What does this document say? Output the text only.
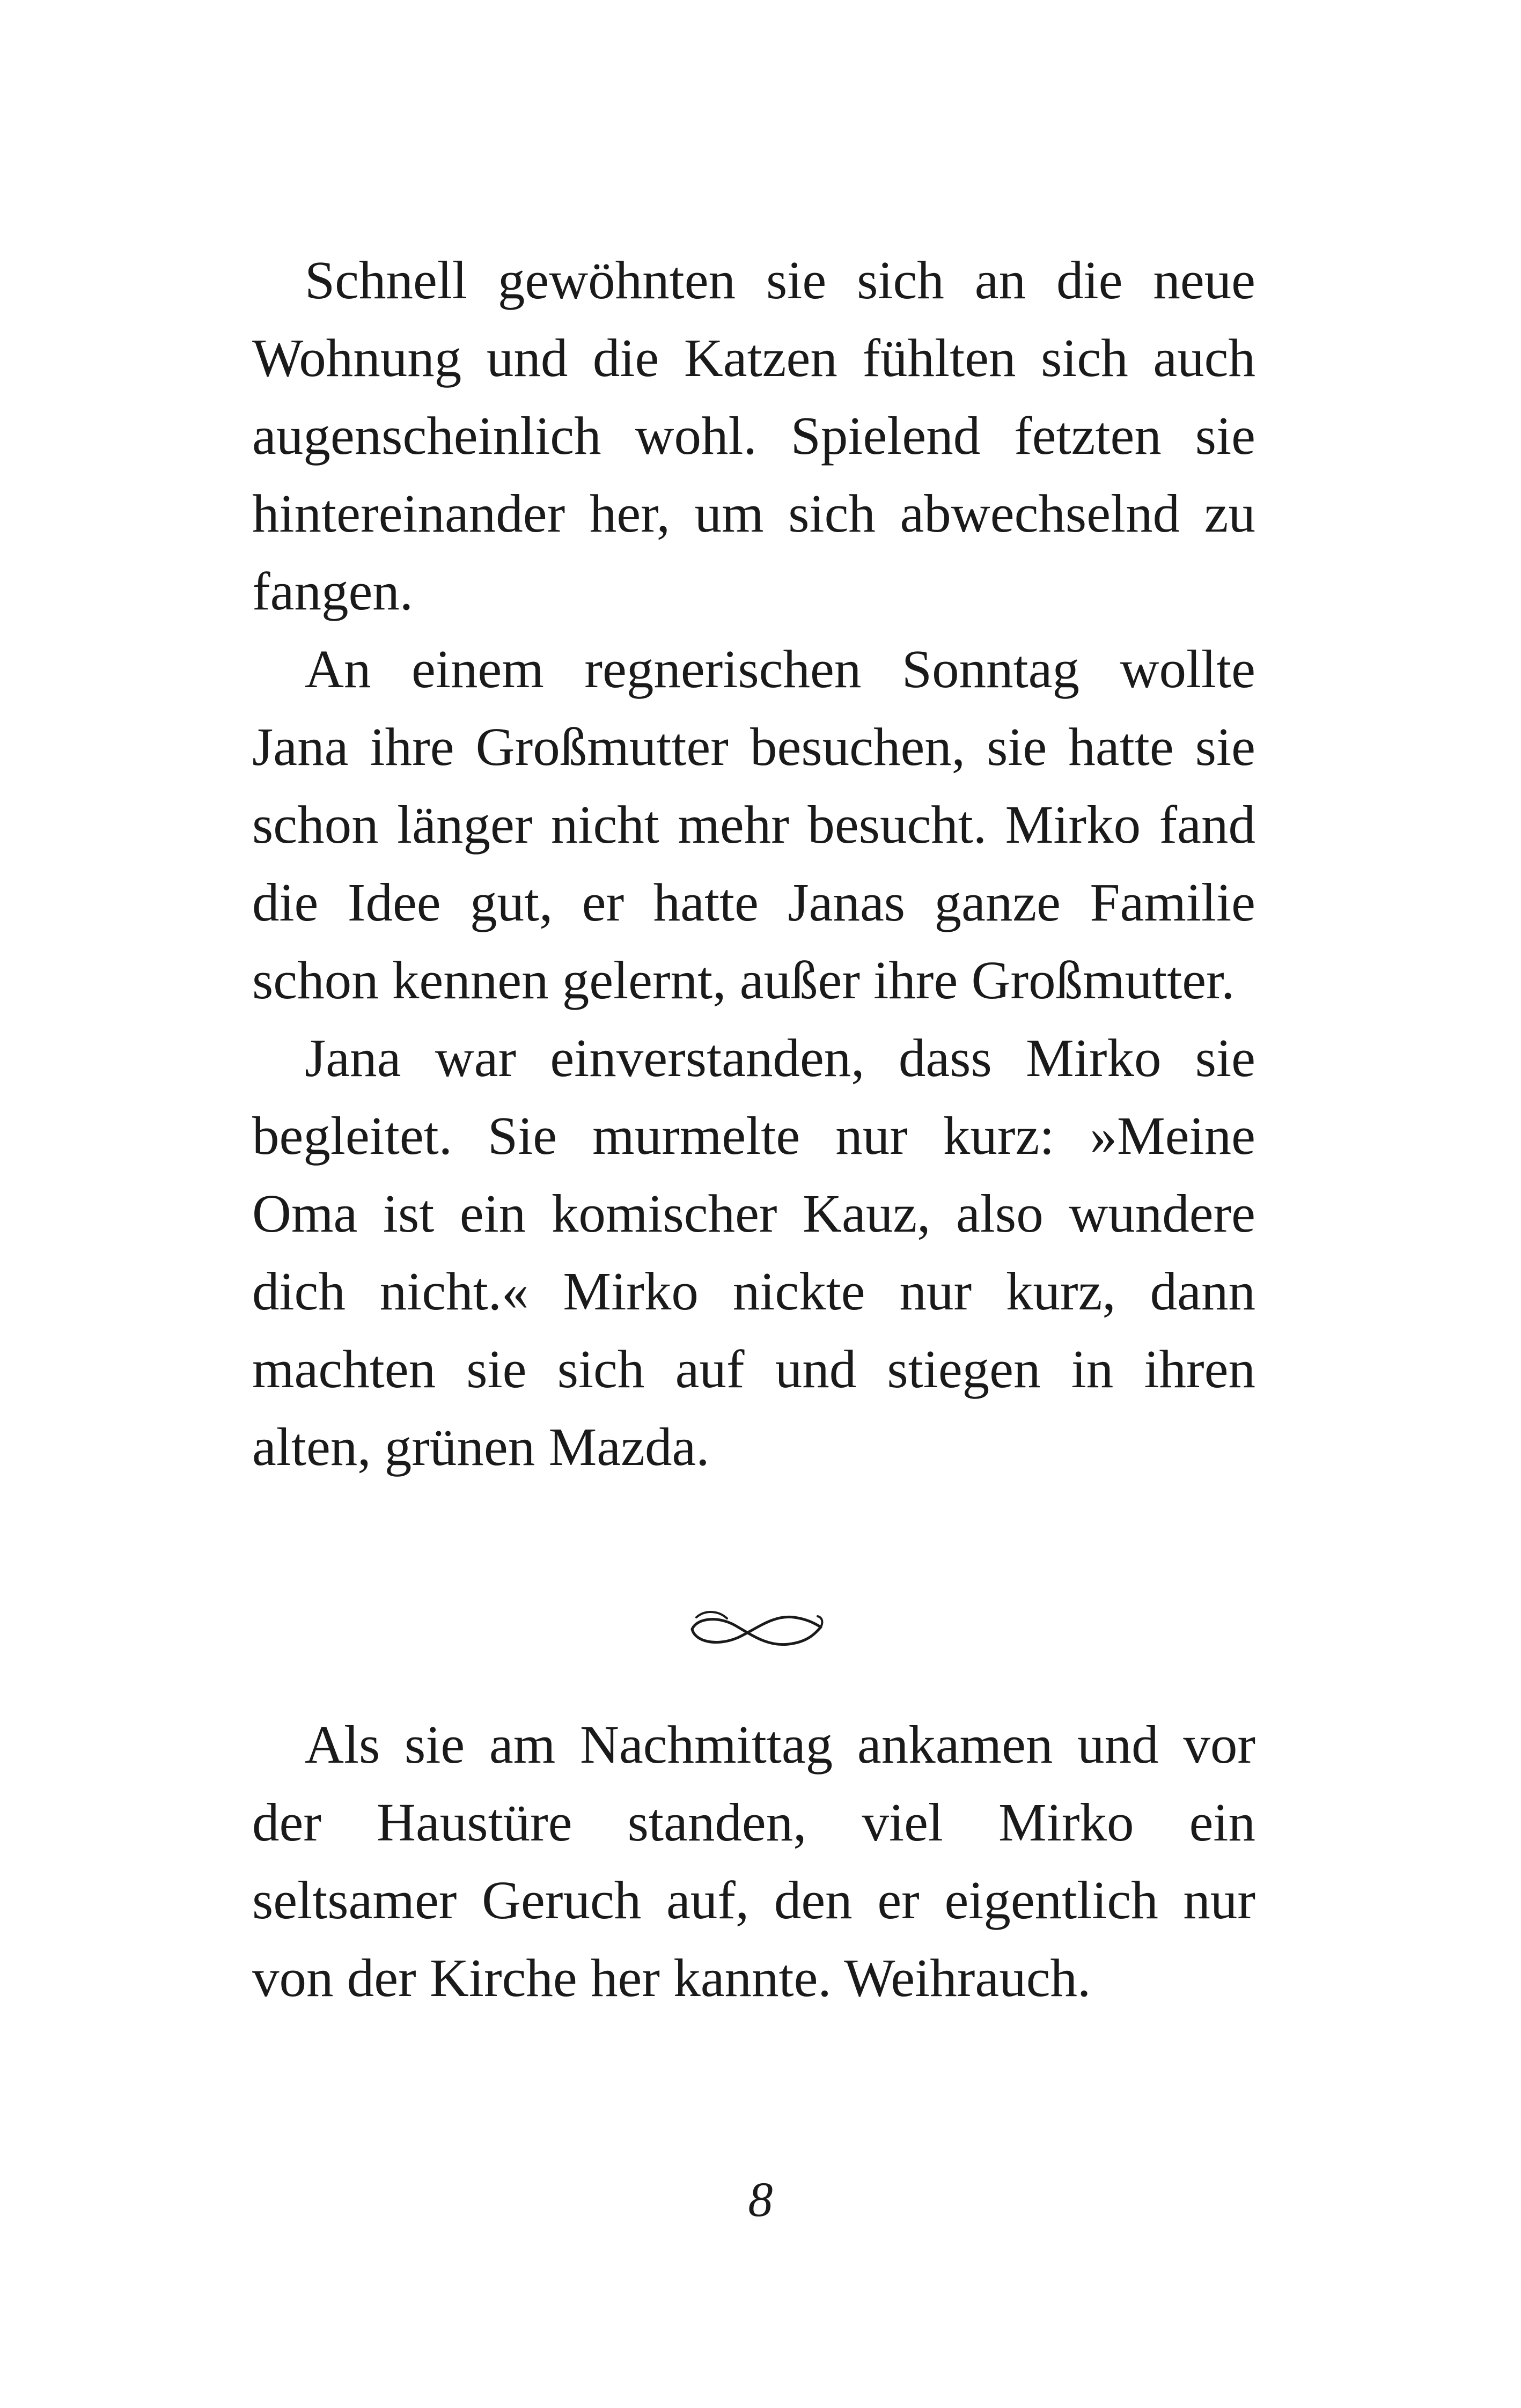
Schnell gewöhnten sie sich an die neue Wohnung und die Katzen fühlten sich auch augenscheinlich wohl. Spielend fetzten sie hintereinander her, um sich abwechselnd zu fangen.

An einem regnerischen Sonntag wollte Jana ihre Großmutter besuchen, sie hatte sie schon länger nicht mehr besucht. Mirko fand die Idee gut, er hatte Janas ganze Familie schon kennen gelernt, außer ihre Großmutter.

Jana war einverstanden, dass Mirko sie begleitet. Sie murmelte nur kurz: »Meine Oma ist ein komischer Kauz, also wundere dich nicht.« Mirko nickte nur kurz, dann machten sie sich auf und stiegen in ihren alten, grünen Mazda.

Als sie am Nachmittag ankamen und vor der Haustüre standen, viel Mirko ein seltsamer Geruch auf, den er eigentlich nur von der Kirche her kannte. Weihrauch.

8
